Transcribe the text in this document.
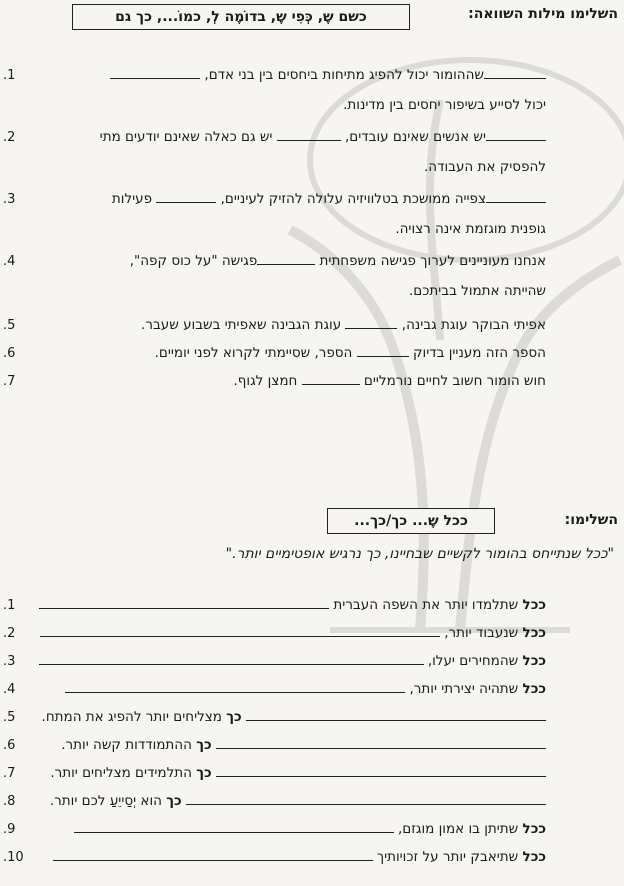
השלימו מילות השוואה:
כשם שֶ, כְּפִי שֶ, בדוֹמֶה לְ, כמוֹ..., כך גם
1.	שההומור יכול להפיג מתיחות ביחסים בין בני אדם,
יכול לסייע בשיפור יחסים בין מדינות.
2.	יש אנשים שאינם עובדים,  יש גם כאלה שאינם יודעים מתי
להפסיק את העבודה.
3.	צפייה ממושכת בטלוויזיה עלולה להזיק לעיניים,  פעילות
גופנית מוגזמת אינה רצויה.
4.	אנחנו מעוניינים לערוך פגישה משפחתית פגישה "על כוס קפה",
שהייתה אתמול בביתכם.
5.	אפיתי הבוקר עוגת גבינה,  עוגת הגבינה שאפיתי בשבוע שעבר.
6.	הספר הזה מעניין בדיוק  הספר, שסיימתי לקרוא לפני יומיים.
7.	חוש הומור חשוב לחיים נורמליים  חמצן לגוף.
השלימו:
ככל שֶ... כך/כך...
"ככל שנתייחס בהומור לקשיים שבחיינו, כך נרגיש אופטימיים יותר."
1.	ככל שתלמדו יותר את השפה העברית
2.	ככל שנעבוד יותר,
3.	ככל שהמחירים יעלו,
4.	ככל שתהיה יצירתי יותר,
5.	כך מצליחים יותר להפיג את המתח.
6.	כך ההתמודדות קשה יותר.
7.	כך התלמידים מצליחים יותר.
8.	כך הוא יְסַייֵעַ לכם יותר.
9.	ככל שתיתן בו אמון מוגזם,
10.	ככל שתיאבק יותר על זכויותיך
